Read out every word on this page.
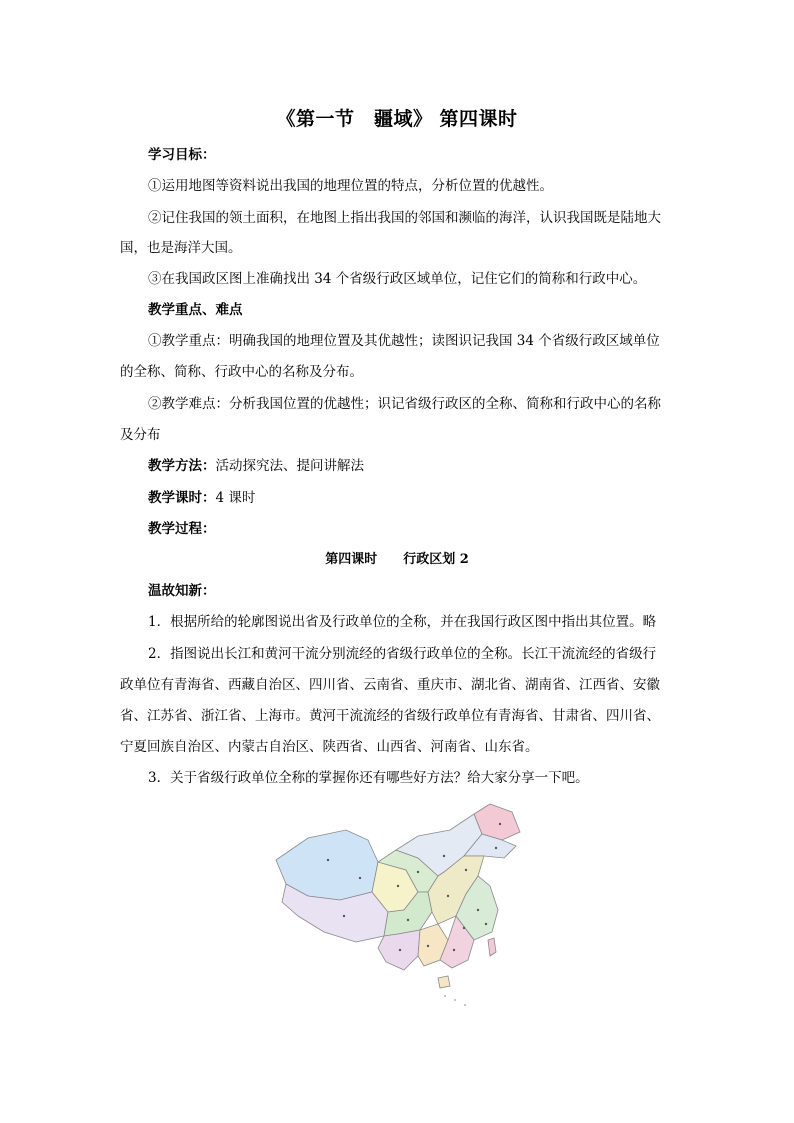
《第一节　疆域》 第四课时
学习目标：
①运用地图等资料说出我国的地理位置的特点，分析位置的优越性。
②记住我国的领土面积，在地图上指出我国的邻国和濒临的海洋，认识我国既是陆地大
国，也是海洋大国。
③在我国政区图上准确找出 34 个省级行政区域单位，记住它们的简称和行政中心。
教学重点、难点
①教学重点：明确我国的地理位置及其优越性；读图识记我国 34 个省级行政区域单位
的全称、简称、行政中心的名称及分布。
②教学难点：分析我国位置的优越性；识记省级行政区的全称、简称和行政中心的名称
及分布
教学方法：活动探究法、提问讲解法
教学课时：4 课时
教学过程：
第四课时　　行政区划 2
温故知新：
1．根据所给的轮廓图说出省及行政单位的全称，并在我国行政区图中指出其位置。略
2．指图说出长江和黄河干流分别流经的省级行政单位的全称。长江干流流经的省级行
政单位有青海省、西藏自治区、四川省、云南省、重庆市、湖北省、湖南省、江西省、安徽
省、江苏省、浙江省、上海市。黄河干流流经的省级行政单位有青海省、甘肃省、四川省、
宁夏回族自治区、内蒙古自治区、陕西省、山西省、河南省、山东省。
3．关于省级行政单位全称的掌握你还有哪些好方法？给大家分享一下吧。
